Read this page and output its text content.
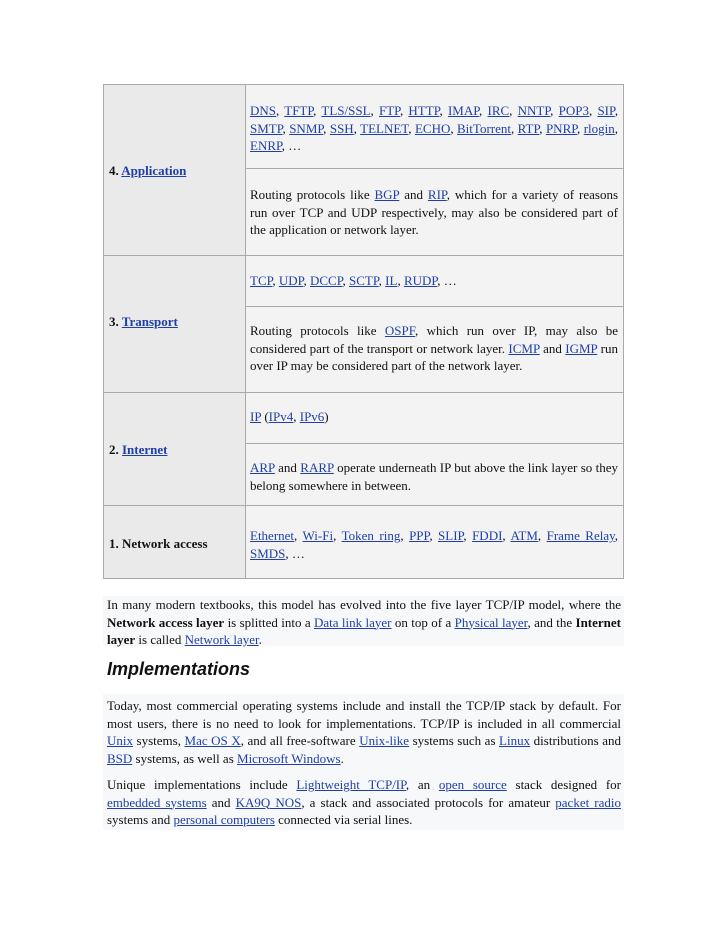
4. Application
DNS, TFTP, TLS/SSL, FTP, HTTP, IMAP, IRC, NNTP, POP3, SIP, SMTP, SNMP, SSH, TELNET, ECHO, BitTorrent, RTP, PNRP, rlogin, ENRP, …
Routing protocols like BGP and RIP, which for a variety of reasons run over TCP and UDP respectively, may also be considered part of the application or network layer.
3. Transport
TCP, UDP, DCCP, SCTP, IL, RUDP, …
Routing protocols like OSPF, which run over IP, may also be considered part of the transport or network layer. ICMP and IGMP run over IP may be considered part of the network layer.
2. Internet
IP (IPv4, IPv6)
ARP and RARP operate underneath IP but above the link layer so they belong somewhere in between.
1. Network access
Ethernet, Wi-Fi, Token ring, PPP, SLIP, FDDI, ATM, Frame Relay, SMDS, …
In many modern textbooks, this model has evolved into the five layer TCP/IP model, where the Network access layer is splitted into a Data link layer on top of a Physical layer, and the Internet layer is called Network layer.
Implementations
Today, most commercial operating systems include and install the TCP/IP stack by default. For most users, there is no need to look for implementations. TCP/IP is included in all commercial Unix systems, Mac OS X, and all free-software Unix-like systems such as Linux distributions and BSD systems, as well as Microsoft Windows.
Unique implementations include Lightweight TCP/IP, an open source stack designed for embedded systems and KA9Q NOS, a stack and associated protocols for amateur packet radio systems and personal computers connected via serial lines.
